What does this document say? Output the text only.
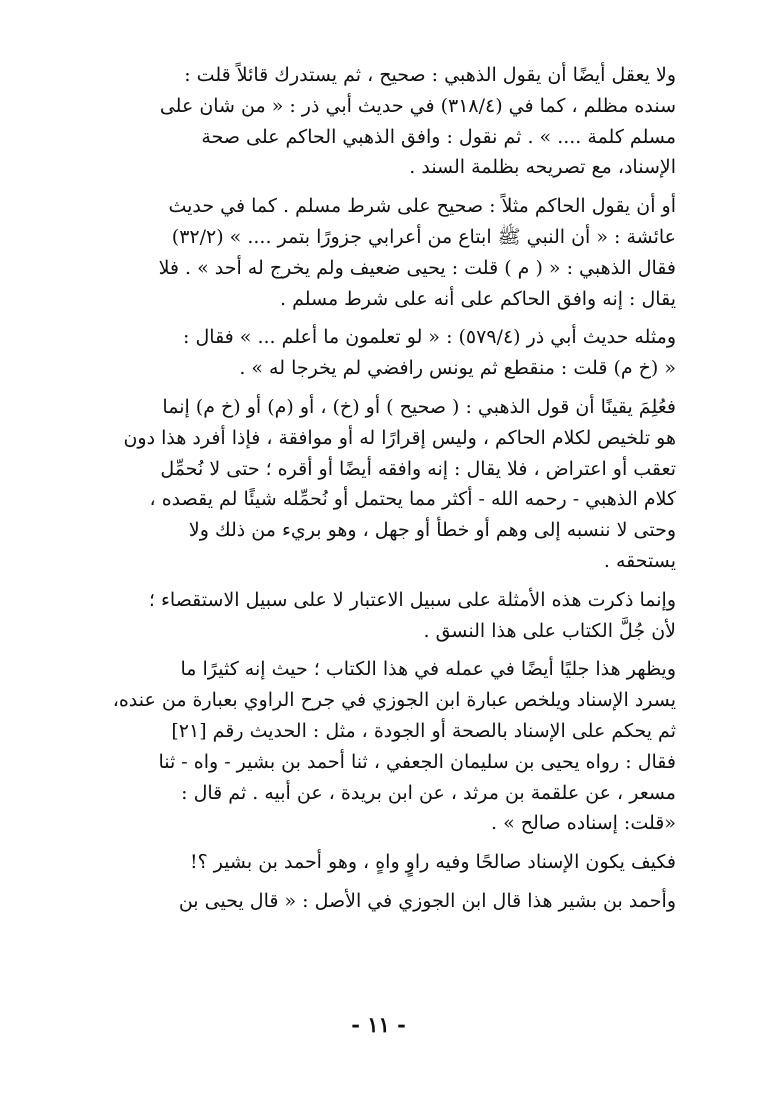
ولا يعقل أيضًا أن يقول الذهبي : صحيح ، ثم يستدرك قائلاً قلت :
سنده مظلم ، كما في (٣١٨/٤) في حديث أبي ذر : « من شان على
مسلم كلمة .... » . ثم نقول : وافق الذهبي الحاكم على صحة
الإسناد، مع تصريحه بظلمة السند .
أو أن يقول الحاكم مثلاً : صحيح على شرط مسلم . كما في حديث
عائشة : « أن النبي ﷺ ابتاع من أعرابي جزورًا بتمر .... » (٣٢/٢)
فقال الذهبي : « ( م ) قلت : يحيى ضعيف ولم يخرج له أحد » . فلا
يقال : إنه وافق الحاكم على أنه على شرط مسلم .
ومثله حديث أبي ذر (٥٧٩/٤) : « لو تعلمون ما أعلم ... » فقال :
« (خ م) قلت : منقطع ثم يونس رافضي لم يخرجا له » .
فعُلِمَ يقينًا أن قول الذهبي : ( صحيح ) أو (خ) ، أو (م) أو (خ م) إنما
هو تلخيص لكلام الحاكم ، وليس إقرارًا له أو موافقة ، فإذا أفرد هذا دون
تعقب أو اعتراض ، فلا يقال : إنه وافقه أيضًا أو أقره ؛ حتى لا نُحمِّل
كلام الذهبي - رحمه الله - أكثر مما يحتمل أو نُحمِّله شيئًا لم يقصده ،
وحتى لا ننسبه إلى وهم أو خطأ أو جهل ، وهو بريء من ذلك ولا
يستحقه .
وإنما ذكرت هذه الأمثلة على سبيل الاعتبار لا على سبيل الاستقصاء ؛
لأن جُلَّ الكتاب على هذا النسق .
ويظهر هذا جليًا أيضًا في عمله في هذا الكتاب ؛ حيث إنه كثيرًا ما
يسرد الإسناد ويلخص عبارة ابن الجوزي في جرح الراوي بعبارة من عنده،
ثم يحكم على الإسناد بالصحة أو الجودة ، مثل : الحديث رقم [٢١]
فقال : رواه يحيى بن سليمان الجعفي ، ثنا أحمد بن بشير - واه - ثنا
مسعر ، عن علقمة بن مرثد ، عن ابن بريدة ، عن أبيه . ثم قال :
«قلت: إسناده صالح » .
فكيف يكون الإسناد صالحًا وفيه راوٍ واهٍ ، وهو أحمد بن بشير ؟!
وأحمد بن بشير هذا قال ابن الجوزي في الأصل : « قال يحيى بن
- ١١ -
